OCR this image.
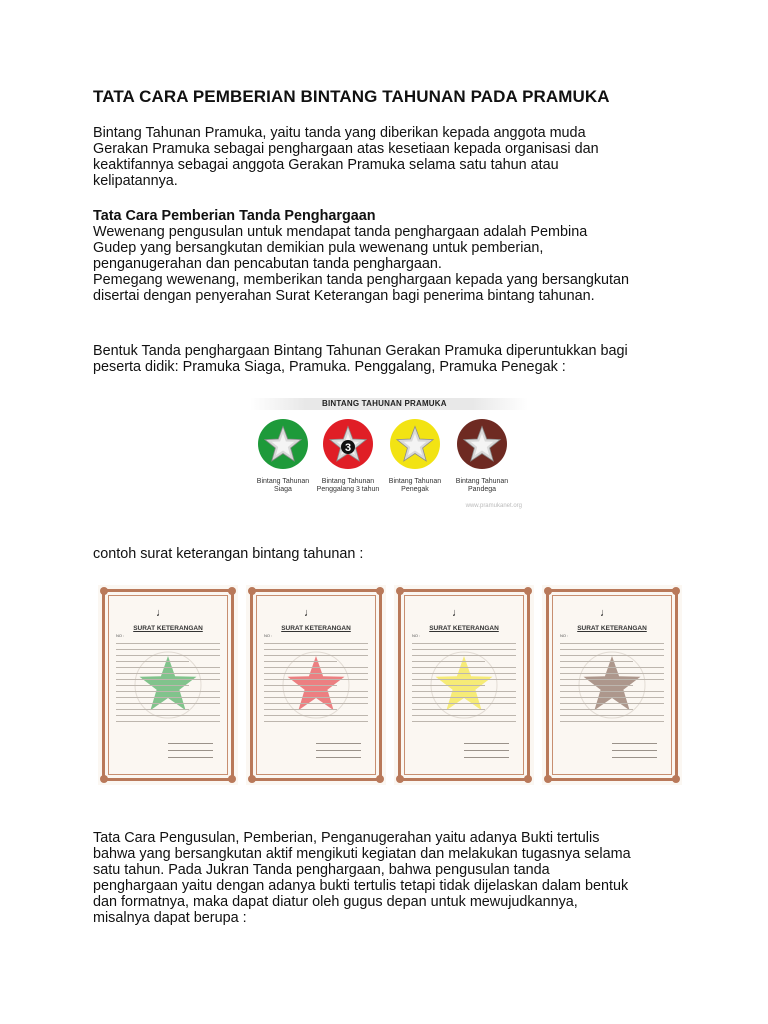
TATA CARA PEMBERIAN BINTANG TAHUNAN PADA PRAMUKA
Bintang Tahunan Pramuka, yaitu tanda yang diberikan kepada anggota muda
Gerakan Pramuka sebagai penghargaan atas kesetiaan kepada organisasi dan
keaktifannya sebagai anggota Gerakan Pramuka selama satu tahun atau
kelipatannya.
Tata Cara Pemberian Tanda Penghargaan
Wewenang pengusulan untuk mendapat tanda penghargaan adalah Pembina
Gudep yang bersangkutan demikian pula wewenang untuk pemberian,
penganugerahan dan pencabutan tanda penghargaan.
Pemegang wewenang, memberikan tanda penghargaan kepada yang bersangkutan
disertai dengan penyerahan Surat Keterangan bagi penerima bintang tahunan.
Bentuk Tanda penghargaan Bintang Tahunan Gerakan Pramuka diperuntukkan bagi
peserta didik: Pramuka Siaga, Pramuka. Penggalang, Pramuka Penegak :
BINTANG TAHUNAN PRAMUKA
3
Bintang Tahunan Siaga
Bintang Tahunan Penggalang 3 tahun
Bintang Tahunan Penegak
Bintang Tahunan Pandega
www.pramukanet.org
contoh surat keterangan bintang tahunan :
♩
SURAT KETERANGAN
NO :
♩
SURAT KETERANGAN
NO :
♩
SURAT KETERANGAN
NO :
♩
SURAT KETERANGAN
NO :
Tata Cara Pengusulan, Pemberian, Penganugerahan yaitu adanya Bukti tertulis
bahwa yang bersangkutan aktif mengikuti kegiatan dan melakukan tugasnya selama
satu tahun. Pada Jukran Tanda penghargaan, bahwa pengusulan tanda
penghargaan yaitu dengan adanya bukti tertulis tetapi tidak dijelaskan dalam bentuk
dan formatnya, maka dapat diatur oleh gugus depan untuk mewujudkannya,
misalnya dapat berupa :
